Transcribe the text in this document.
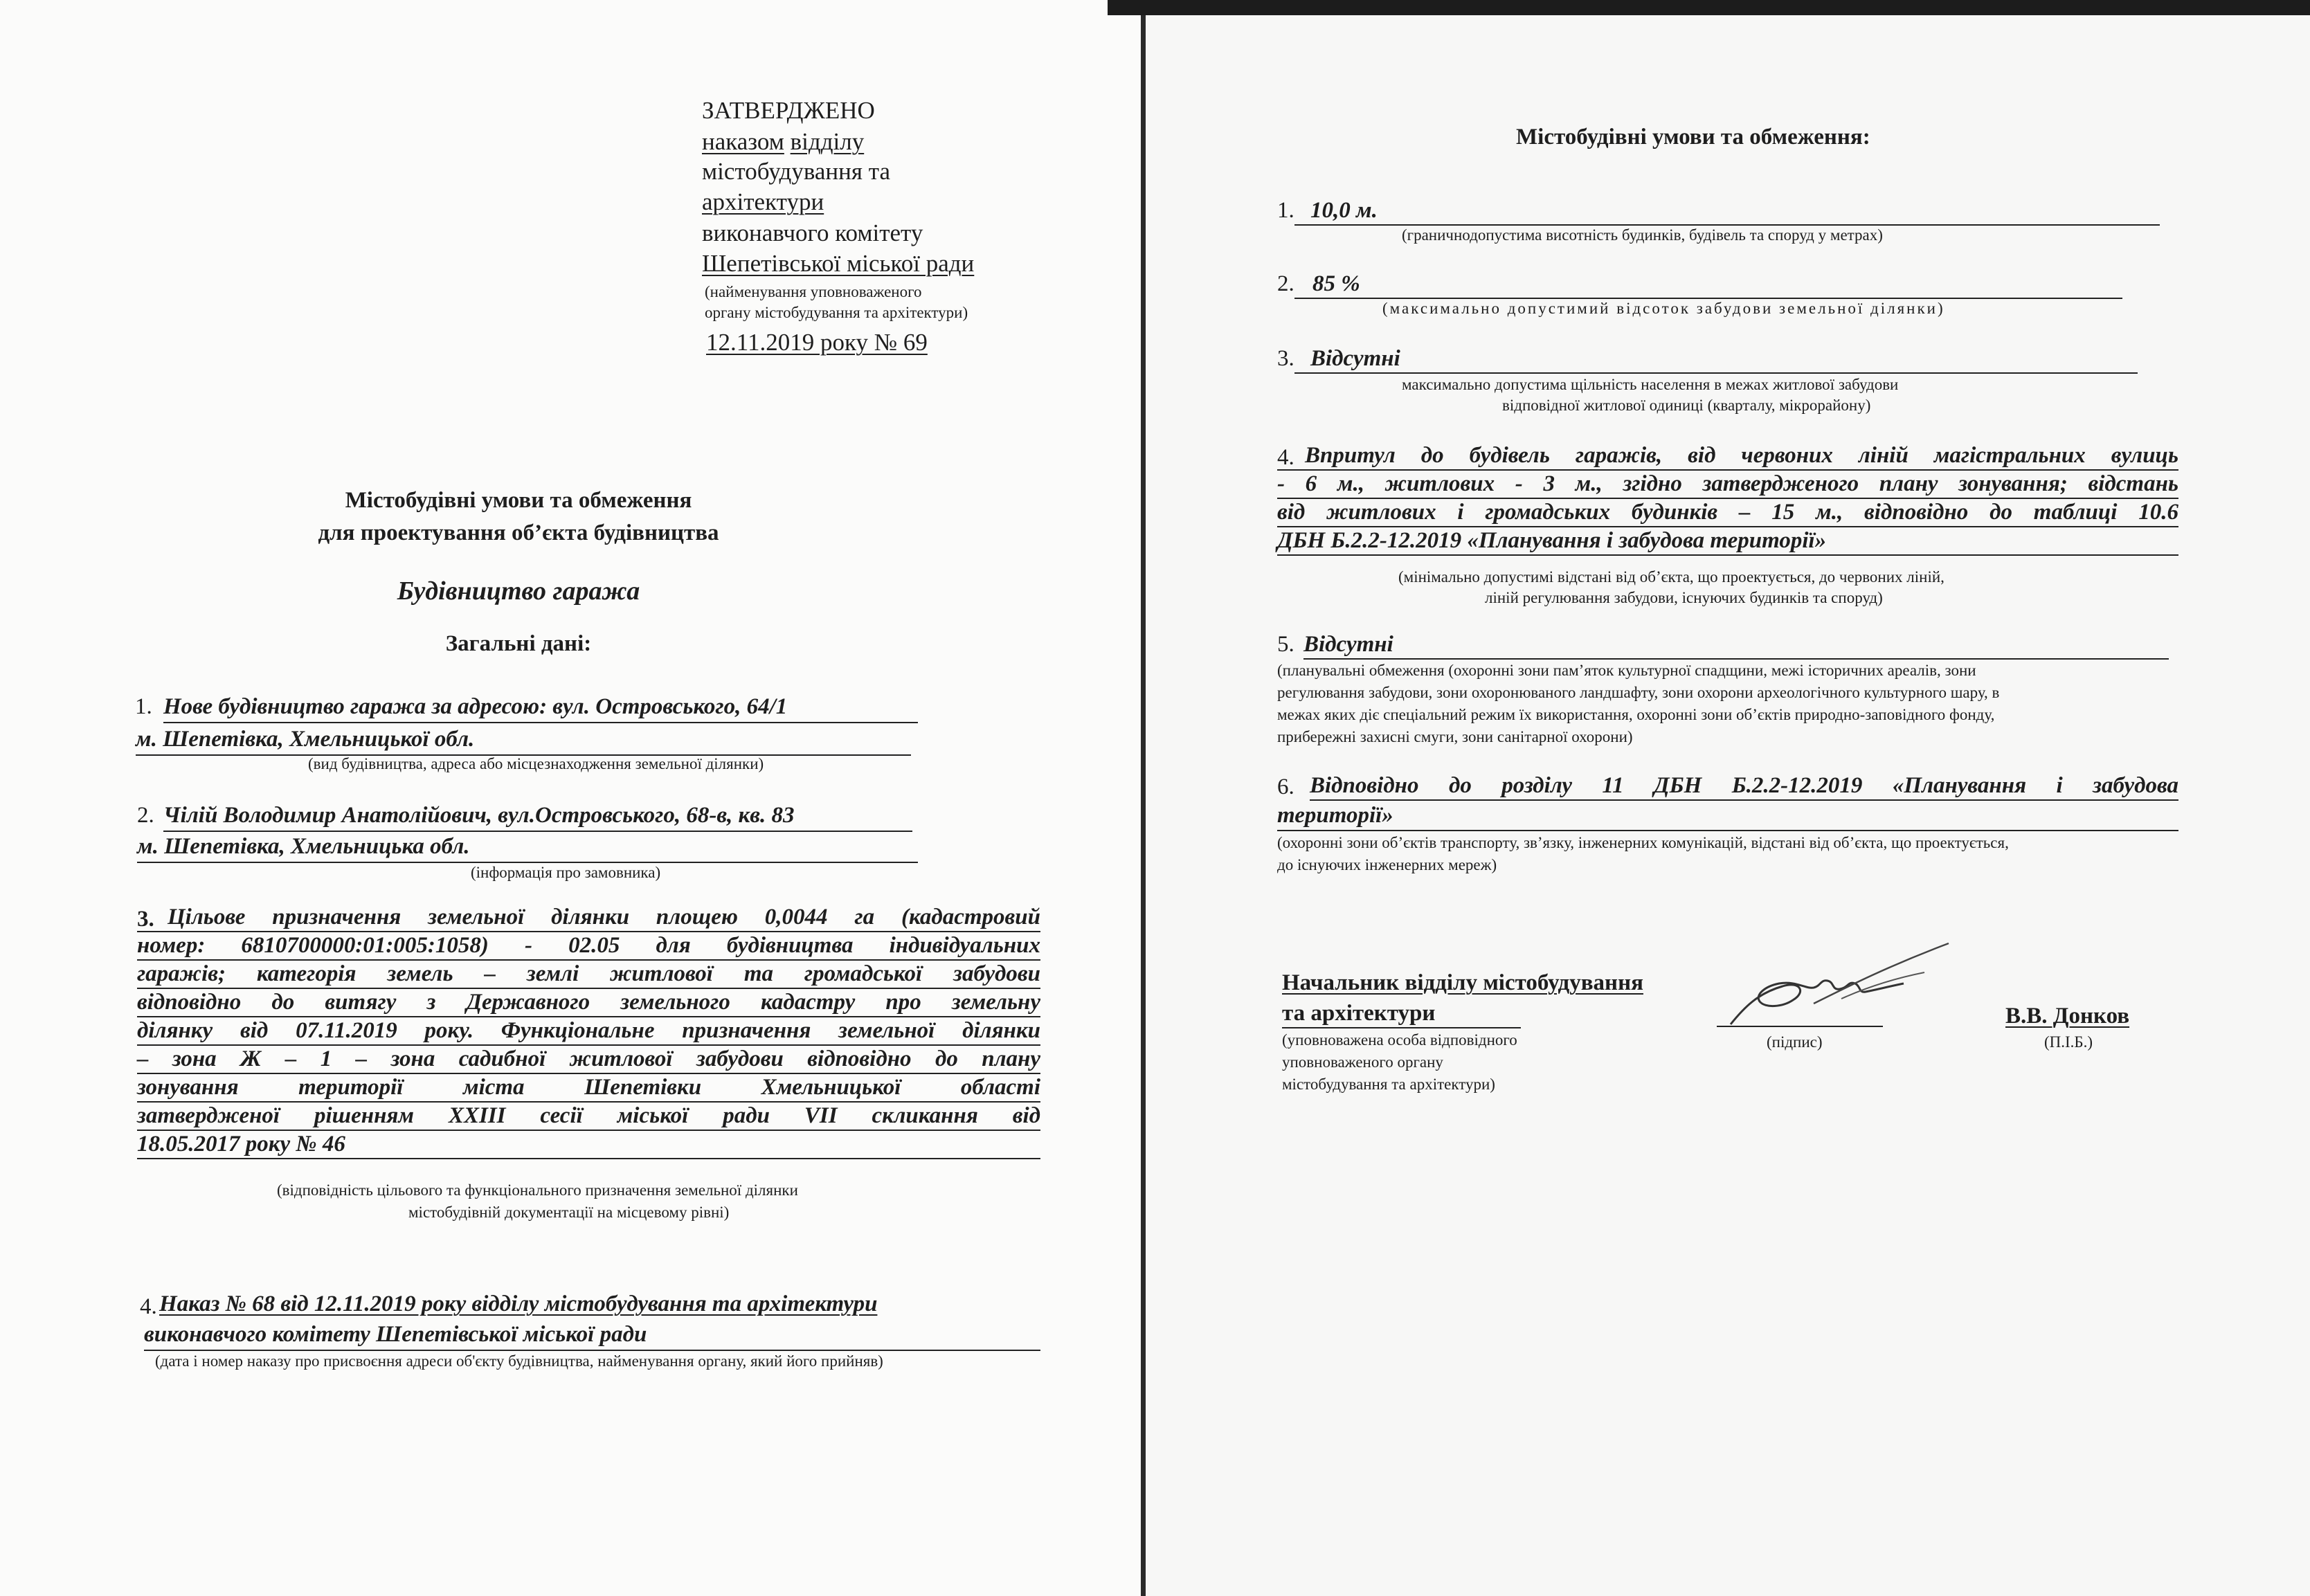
ЗАТВЕРДЖЕНО
наказом відділу
містобудування та
архітектури
виконавчого комітету
Шепетівської міської ради
(найменування уповноваженого
органу містобудування та архітектури)
12.11.2019 року № 69
Містобудівні умови та обмеження
для проектування об’єкта будівництва
Будівництво гаража
Загальні дані:
1. Нове будівництво гаража за адресою: вул. Островського, 64/1
м. Шепетівка, Хмельницької обл.
(вид будівництва, адреса або місцезнаходження земельної ділянки)
2. Чілій Володимир Анатолійович, вул.Островського, 68-в, кв. 83
м. Шепетівка, Хмельницька обл.
(інформація про замовника)
3. Цільове призначення земельної ділянки площею 0,0044 га (кадастровий
номер: 6810700000:01:005:1058) - 02.05 для будівництва індивідуальних
гаражів; категорія земель – землі житлової та громадської забудови
відповідно до витягу з Державного земельного кадастру про земельну
ділянку від 07.11.2019 року. Функціональне призначення земельної ділянки
– зона Ж – 1 – зона садибної житлової забудови відповідно до плану
зонування території міста Шепетівки Хмельницької області
затвердженої рішенням XXIII сесії міської ради VII скликання від
18.05.2017 року № 46
(відповідність цільового та функціонального призначення земельної ділянки
містобудівній документації на місцевому рівні)
4. Наказ № 68 від 12.11.2019 року відділу містобудування та архітектури
виконавчого комітету Шепетівської міської ради
(дата і номер наказу про присвоєння адреси об'єкту будівництва, найменування органу, який його прийняв)
Містобудівні умови та обмеження:
1. 10,0 м.
(граничнодопустима висотність будинків, будівель та споруд у метрах)
2. 85 %
(максимально допустимий відсоток забудови земельної ділянки)
3. Відсутні
максимально допустима щільність населення в межах житлової забудови
відповідної житлової одиниці (кварталу, мікрорайону)
4. Впритул до будівель гаражів, від червоних ліній магістральних вулиць
- 6 м., житлових - 3 м., згідно затвердженого плану зонування; відстань
від житлових і громадських будинків – 15 м., відповідно до таблиці 10.6
ДБН Б.2.2-12.2019 «Планування і забудова території»
(мінімально допустимі відстані від об’єкта, що проектується, до червоних ліній,
ліній регулювання забудови, існуючих будинків та споруд)
5. Відсутні
(планувальні обмеження (охоронні зони пам’яток культурної спадщини, межі історичних ареалів, зони
регулювання забудови, зони охоронюваного ландшафту, зони охорони археологічного культурного шару, в
межах яких діє спеціальний режим їх використання, охоронні зони об’єктів природно-заповідного фонду,
прибережні захисні смуги, зони санітарної охорони)
6. Відповідно до розділу 11 ДБН Б.2.2-12.2019 «Планування і забудова
території»
(охоронні зони об’єктів транспорту, зв’язку, інженерних комунікацій, відстані від об’єкта, що проектується,
до існуючих інженерних мереж)
Начальник відділу містобудування
та архітектури
(уповноважена особа відповідного
уповноваженого органу
містобудування та архітектури)
(підпис)
В.В. Донков
(П.І.Б.)
